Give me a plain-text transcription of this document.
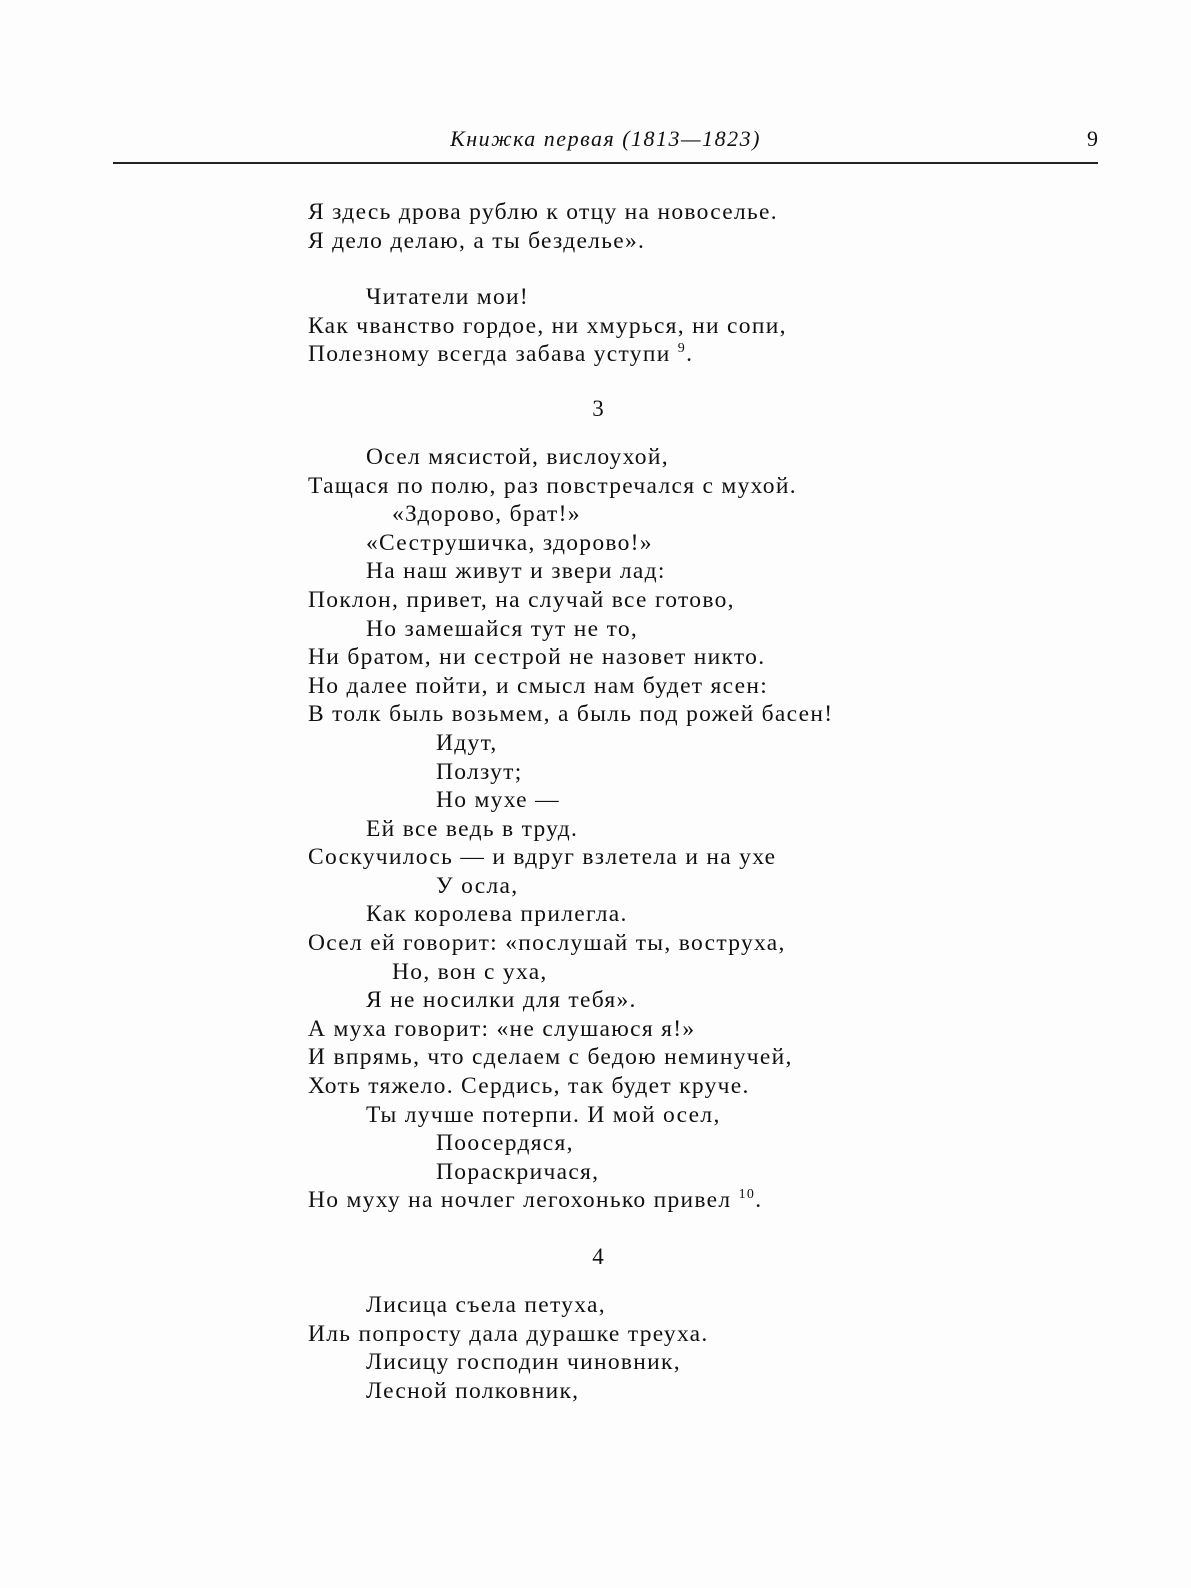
Книжка первая (1813—1823)	9
Я здесь дрова рублю к отцу на новоселье.
Я дело делаю, а ты безделье».
Читатели мои!
Как чванство гордое, ни хмурься, ни сопи,
Полезному всегда забава уступи $^9$.
3
Осел мясистой, вислоухой,
Тащася по полю, раз повстречался с мухой.
«Здорово, брат!»
«Сеструшичка, здорово!»
На наш живут и звери лад:
Поклон, привет, на случай все готово,
Но замешайся тут не то,
Ни братом, ни сестрой не назовет никто.
Но далее пойти, и смысл нам будет ясен:
В толк быль возьмем, а быль под рожей басен!
Идут,
Ползут;
Но мухе —
Ей все ведь в труд.
Соскучилось — и вдруг взлетела и на ухе
У осла,
Как королева прилегла.
Осел ей говорит: «послушай ты, воструха,
Но, вон с уха,
Я не носилки для тебя».
А муха говорит: «не слушаюся я!»
И впрямь, что сделаем с бедою неминучей,
Хоть тяжело. Сердись, так будет круче.
Ты лучше потерпи. И мой осел,
Поосердяся,
Пораскричася,
Но муху на ночлег легохонько привел $^{10}$.
4
Лисица съела петуха,
Иль попросту дала дурашке треуха.
Лисицу господин чиновник,
Лесной полковник,
